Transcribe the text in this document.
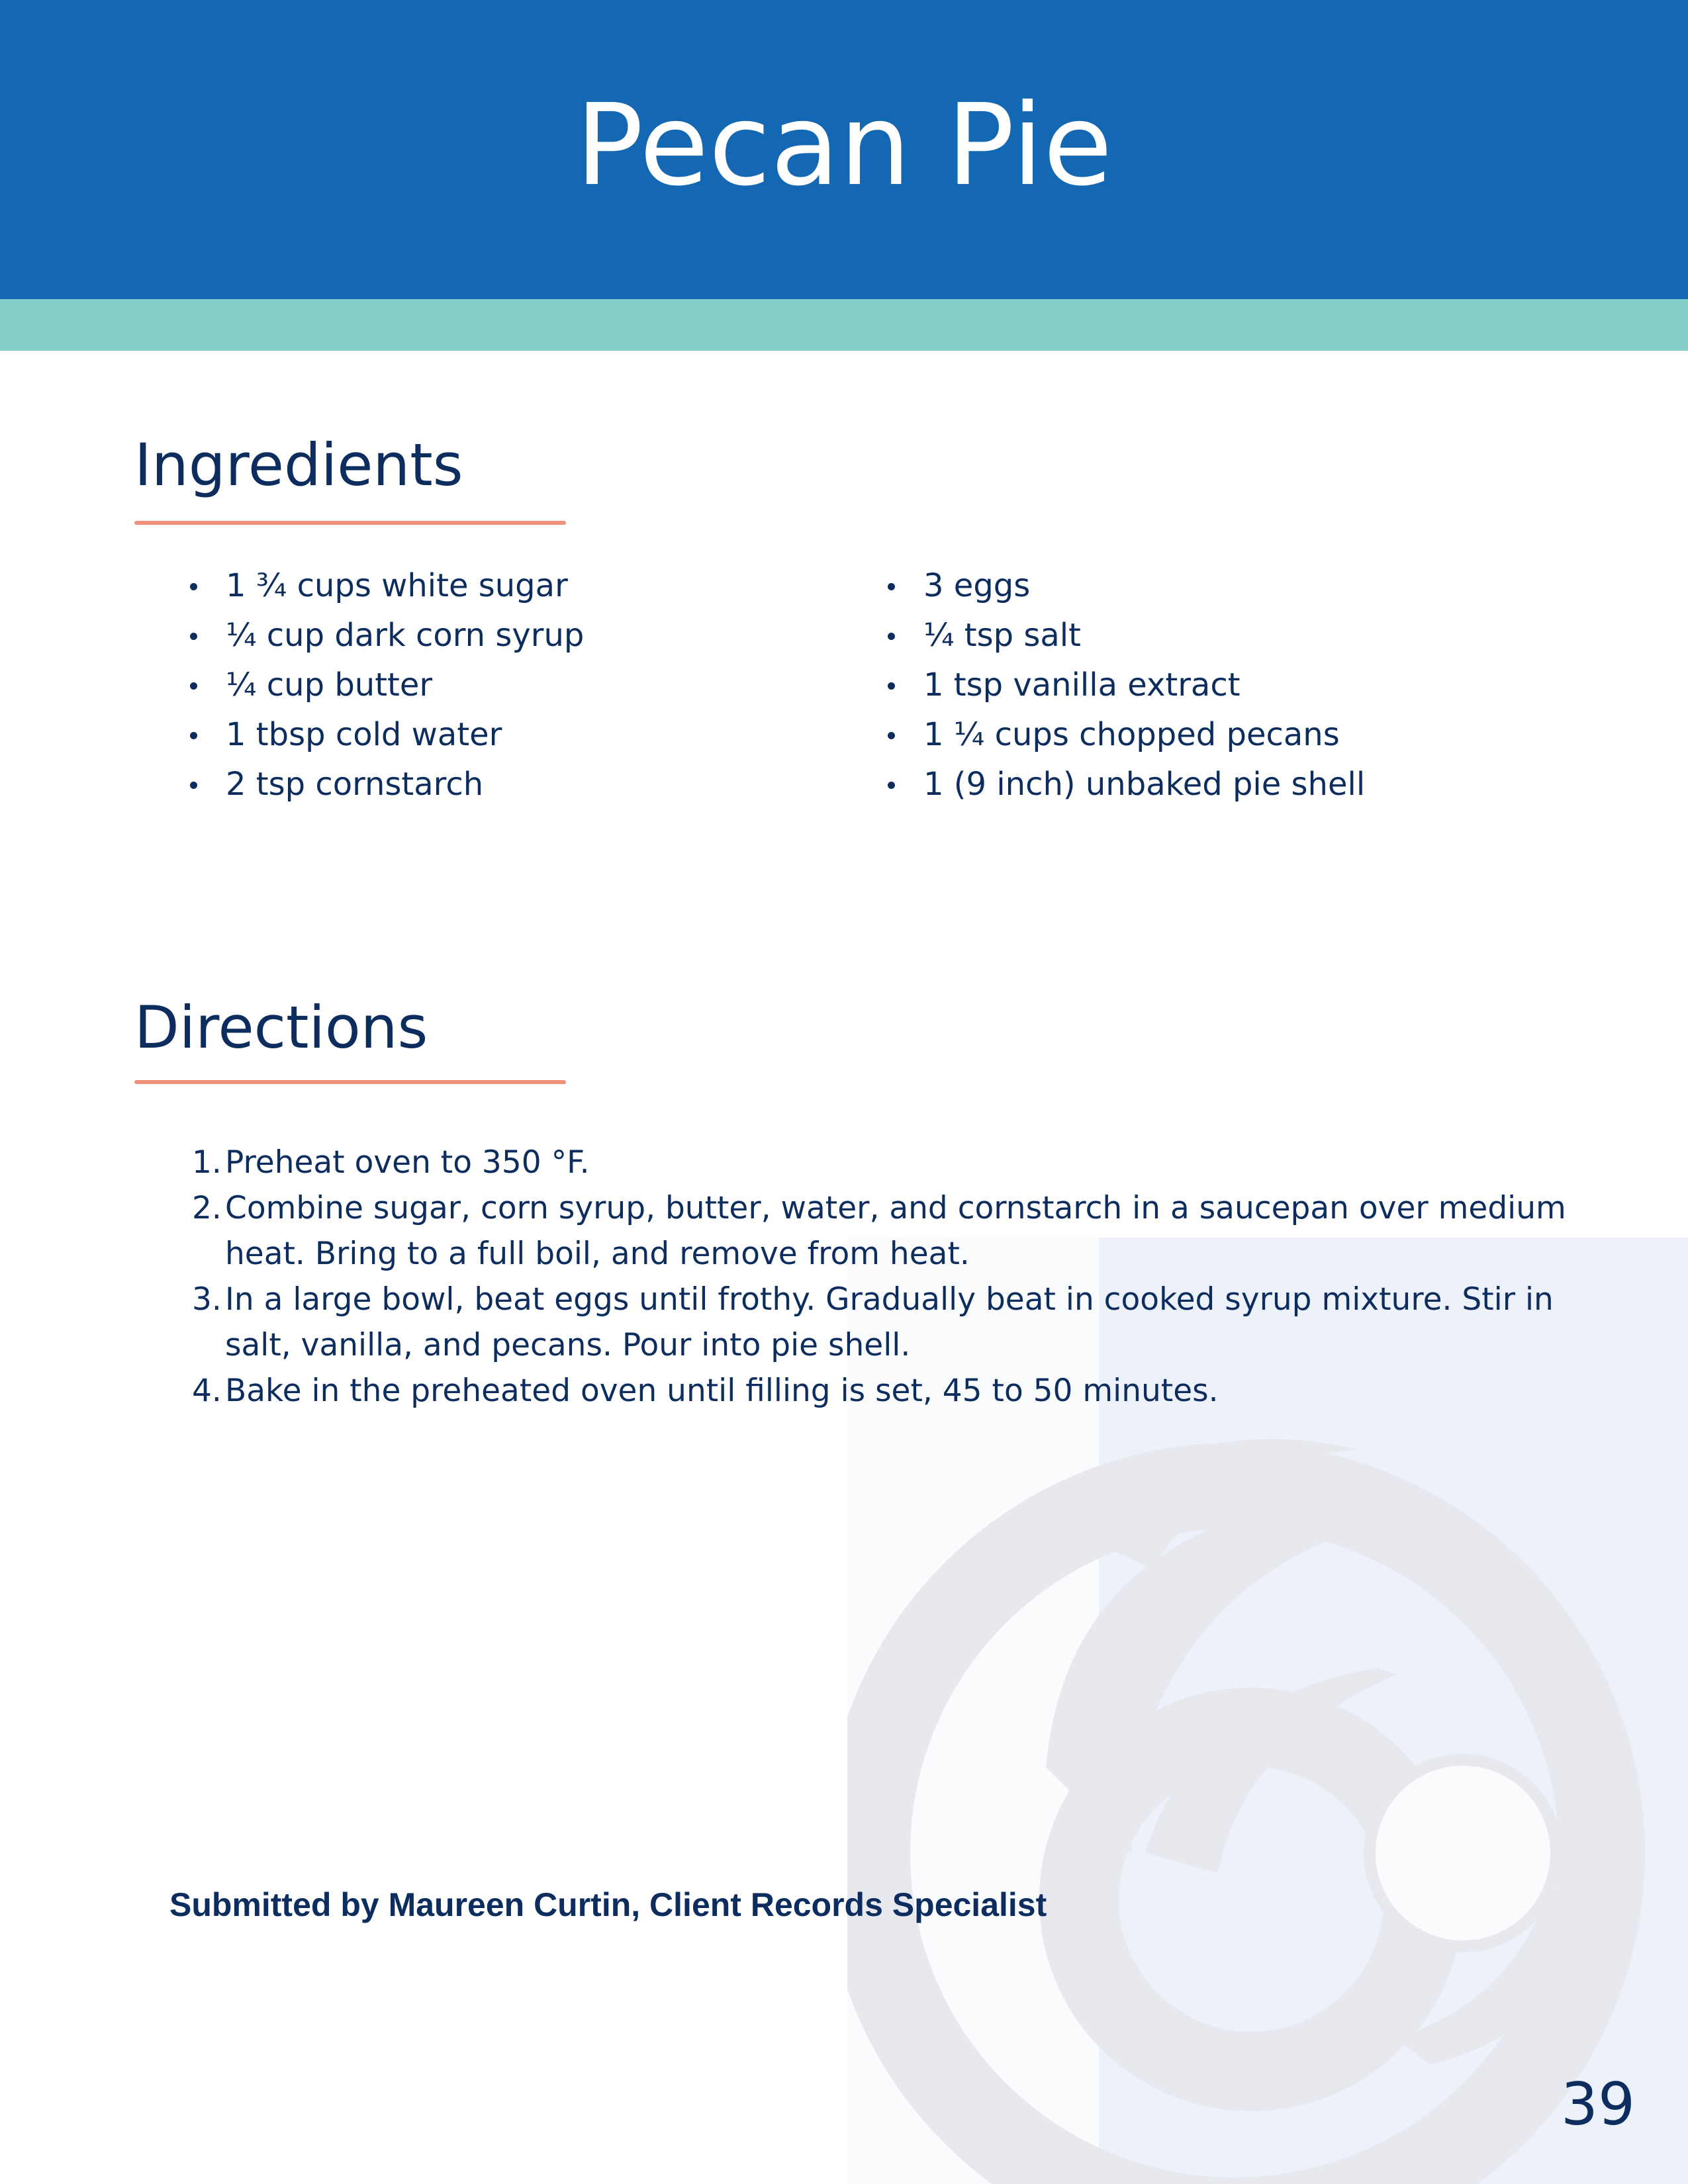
Pecan Pie
Ingredients
1 ¾ cups white sugar
¼ cup dark corn syrup
¼ cup butter
1 tbsp cold water
2 tsp cornstarch
3 eggs
¼ tsp salt
1 tsp vanilla extract
1 ¼ cups chopped pecans
1 (9 inch) unbaked pie shell
Directions
1. Preheat oven to 350 °F.
2. Combine sugar, corn syrup, butter, water, and cornstarch in a saucepan over medium heat. Bring to a full boil, and remove from heat.
3. In a large bowl, beat eggs until frothy. Gradually beat in cooked syrup mixture. Stir in salt, vanilla, and pecans. Pour into pie shell.
4. Bake in the preheated oven until filling is set, 45 to 50 minutes.
Submitted by Maureen Curtin, Client Records Specialist
39
